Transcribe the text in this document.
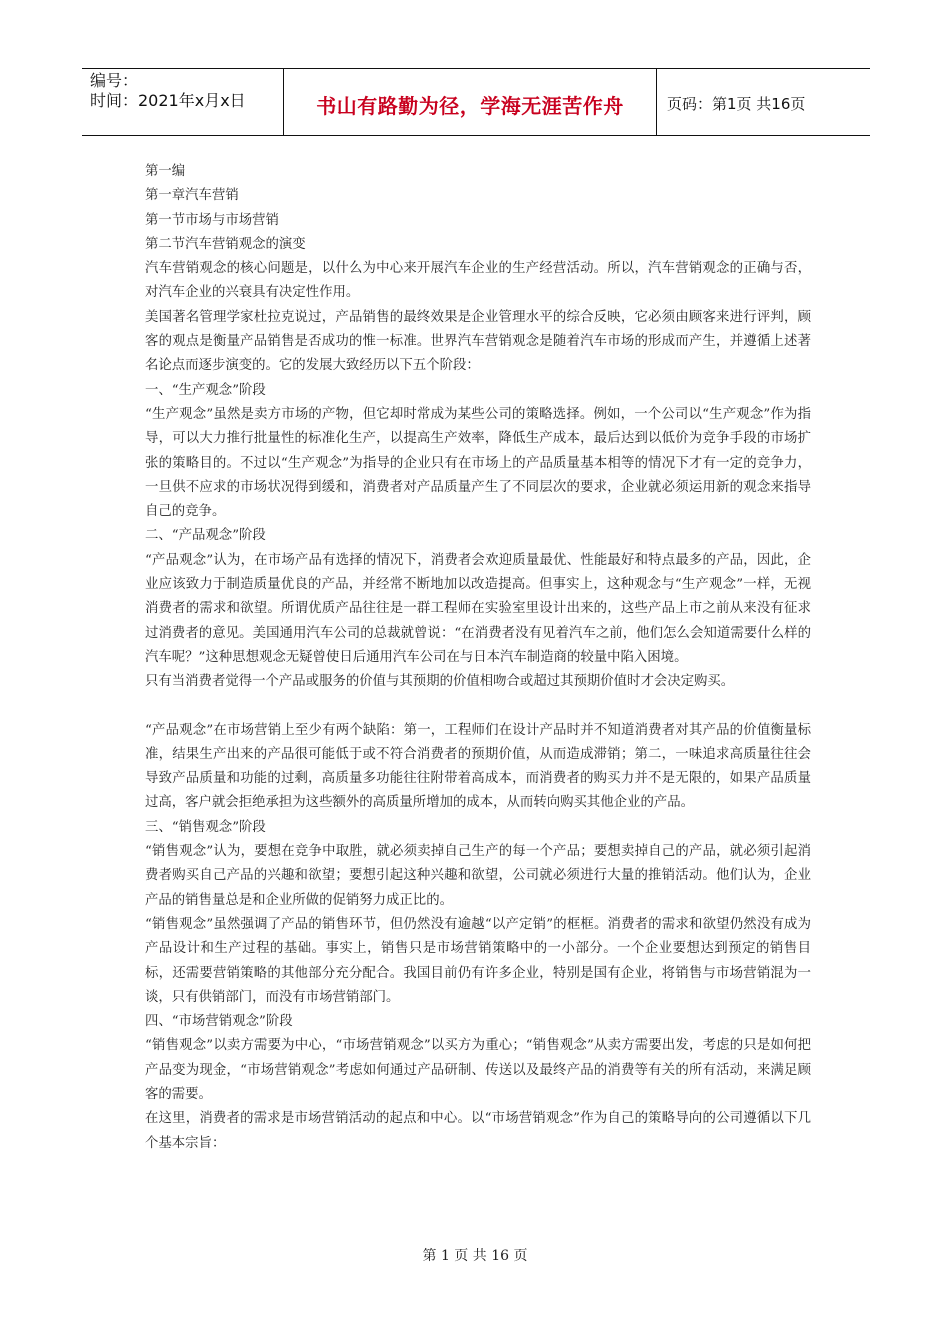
编号：
时间：2021年x月x日	书山有路勤为径，学海无涯苦作舟	页码：第1页 共16页

第一编

第一章汽车营销

第一节市场与市场营销

第二节汽车营销观念的演变

汽车营销观念的核心问题是，以什么为中心来开展汽车企业的生产经营活动。所以，汽车营销观念的正确与否，对汽车企业的兴衰具有决定性作用。

美国著名管理学家杜拉克说过，产品销售的最终效果是企业管理水平的综合反映，它必须由顾客来进行评判，顾客的观点是衡量产品销售是否成功的惟一标准。世界汽车营销观念是随着汽车市场的形成而产生，并遵循上述著名论点而逐步演变的。它的发展大致经历以下五个阶段：

一、“生产观念”阶段

“生产观念”虽然是卖方市场的产物，但它却时常成为某些公司的策略选择。例如，一个公司以“生产观念”作为指导，可以大力推行批量性的标准化生产，以提高生产效率，降低生产成本，最后达到以低价为竞争手段的市场扩张的策略目的。不过以“生产观念”为指导的企业只有在市场上的产品质量基本相等的情况下才有一定的竞争力，一旦供不应求的市场状况得到缓和，消费者对产品质量产生了不同层次的要求，企业就必须运用新的观念来指导自己的竞争。

二、“产品观念”阶段

“产品观念”认为，在市场产品有选择的情况下，消费者会欢迎质量最优、性能最好和特点最多的产品，因此，企业应该致力于制造质量优良的产品，并经常不断地加以改造提高。但事实上，这种观念与“生产观念”一样，无视消费者的需求和欲望。所谓优质产品往往是一群工程师在实验室里设计出来的，这些产品上市之前从来没有征求过消费者的意见。美国通用汽车公司的总裁就曾说：“在消费者没有见着汽车之前，他们怎么会知道需要什么样的汽车呢？”这种思想观念无疑曾使日后通用汽车公司在与日本汽车制造商的较量中陷入困境。

只有当消费者觉得一个产品或服务的价值与其预期的价值相吻合或超过其预期价值时才会决定购买。

“产品观念”在市场营销上至少有两个缺陷：第一，工程师们在设计产品时并不知道消费者对其产品的价值衡量标准，结果生产出来的产品很可能低于或不符合消费者的预期价值，从而造成滞销；第二，一味追求高质量往往会导致产品质量和功能的过剩，高质量多功能往往附带着高成本，而消费者的购买力并不是无限的，如果产品质量过高，客户就会拒绝承担为这些额外的高质量所增加的成本，从而转向购买其他企业的产品。

三、“销售观念”阶段

“销售观念”认为，要想在竞争中取胜，就必须卖掉自己生产的每一个产品；要想卖掉自己的产品，就必须引起消费者购买自己产品的兴趣和欲望；要想引起这种兴趣和欲望，公司就必须进行大量的推销活动。他们认为，企业产品的销售量总是和企业所做的促销努力成正比的。

“销售观念”虽然强调了产品的销售环节，但仍然没有逾越“以产定销”的框框。消费者的需求和欲望仍然没有成为产品设计和生产过程的基础。事实上，销售只是市场营销策略中的一小部分。一个企业要想达到预定的销售目标，还需要营销策略的其他部分充分配合。我国目前仍有许多企业，特别是国有企业，将销售与市场营销混为一谈，只有供销部门，而没有市场营销部门。

四、“市场营销观念”阶段

“销售观念”以卖方需要为中心，“市场营销观念”以买方为重心；“销售观念”从卖方需要出发，考虑的只是如何把产品变为现金，“市场营销观念”考虑如何通过产品研制、传送以及最终产品的消费等有关的所有活动，来满足顾客的需要。

在这里，消费者的需求是市场营销活动的起点和中心。以“市场营销观念”作为自己的策略导向的公司遵循以下几个基本宗旨：

第 1 页 共 16 页
